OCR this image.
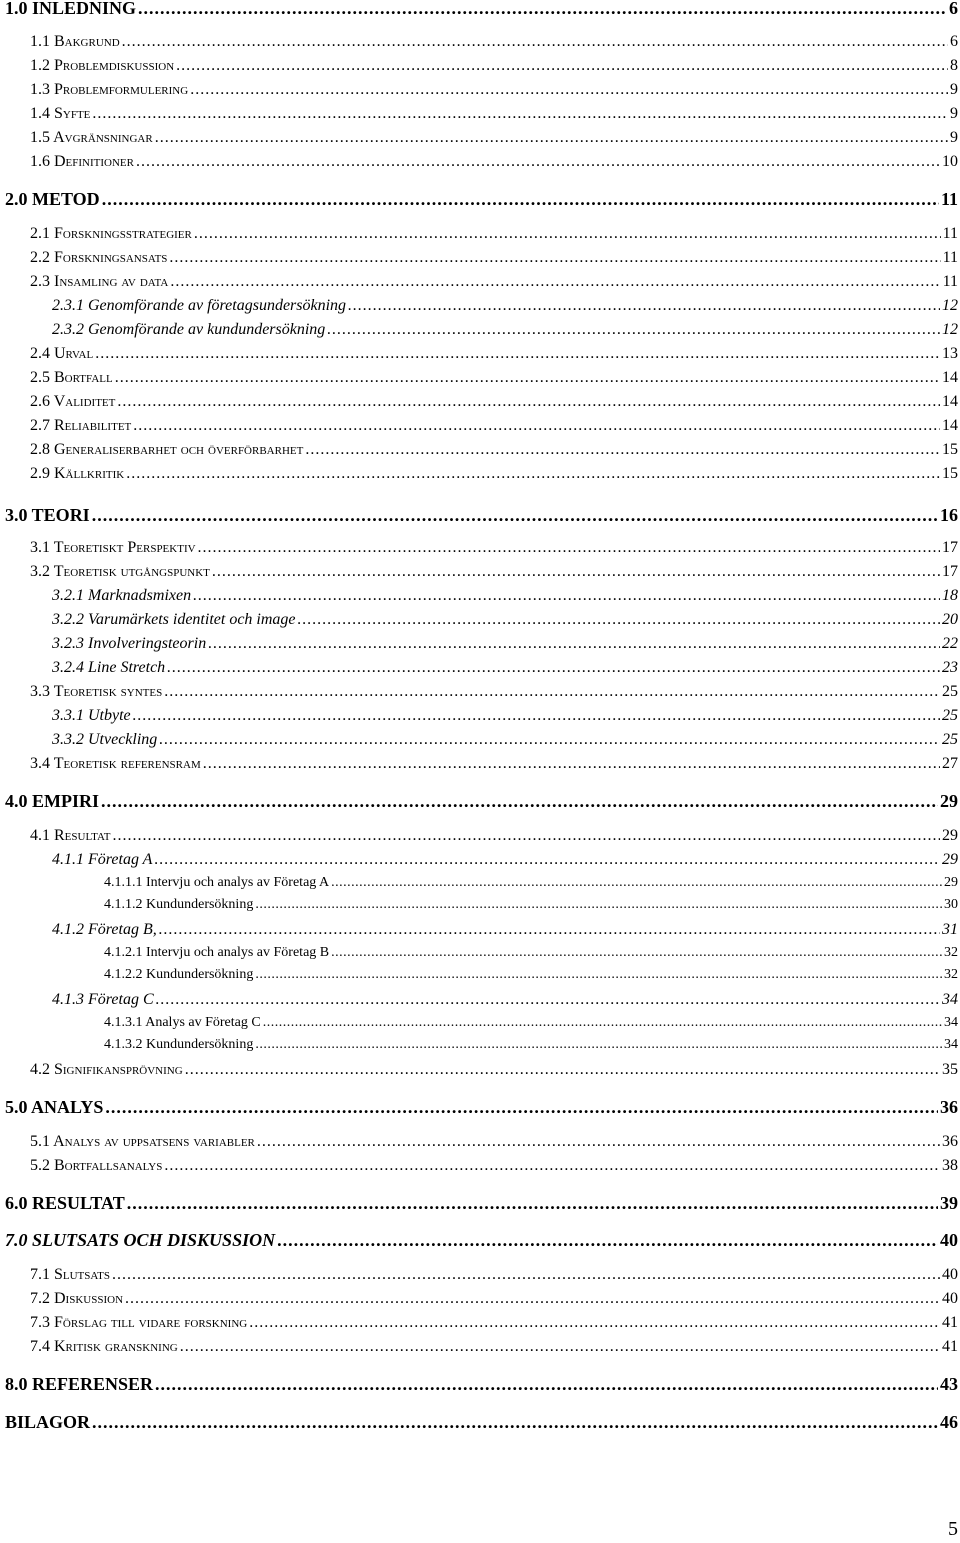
1.0 INLEDNING .....	6
1.1 Bakgrund .....	6
1.2 Problemdiskussion .....	8
1.3 Problemformulering .....	9
1.4 Syfte .....	9
1.5 Avgränsningar .....	9
1.6 Definitioner .....	10
2.0 METOD .....	11
2.1 Forskningsstrategier .....	11
2.2 Forskningsansats .....	11
2.3 Insamling av data .....	11
2.3.1 Genomförande av företagsundersökning .....	12
2.3.2 Genomförande av kundundersökning .....	12
2.4 Urval .....	13
2.5 Bortfall .....	14
2.6 Validitet .....	14
2.7 Reliabilitet .....	14
2.8 Generaliserbarhet och överförbarhet .....	15
2.9 Källkritik .....	15
3.0 TEORI .....	16
3.1 Teoretiskt Perspektiv .....	17
3.2 Teoretisk utgångspunkt .....	17
3.2.1 Marknadsmixen .....	18
3.2.2 Varumärkets identitet och image .....	20
3.2.3 Involveringsteorin .....	22
3.2.4 Line Stretch .....	23
3.3 Teoretisk syntes .....	25
3.3.1 Utbyte .....	25
3.3.2 Utveckling .....	25
3.4 Teoretisk referensram .....	27
4.0 EMPIRI .....	29
4.1 Resultat .....	29
4.1.1 Företag A .....	29
4.1.1.1 Intervju och analys av Företag A .....	29
4.1.1.2 Kundundersökning .....	30
4.1.2 Företag B, .....	31
4.1.2.1 Intervju och analys av Företag B .....	32
4.1.2.2 Kundundersökning .....	32
4.1.3 Företag C .....	34
4.1.3.1 Analys av Företag C .....	34
4.1.3.2 Kundundersökning .....	34
4.2 Signifikansprövning .....	35
5.0 ANALYS .....	36
5.1 Analys av uppsatsens variabler .....	36
5.2 Bortfallsanalys .....	38
6.0 RESULTAT .....	39
7.0 SLUTSATS OCH DISKUSSION .....	40
7.1 Slutsats .....	40
7.2 Diskussion .....	40
7.3 Förslag till vidare forskning .....	41
7.4 Kritisk granskning .....	41
8.0 REFERENSER .....	43
BILAGOR .....	46
5
